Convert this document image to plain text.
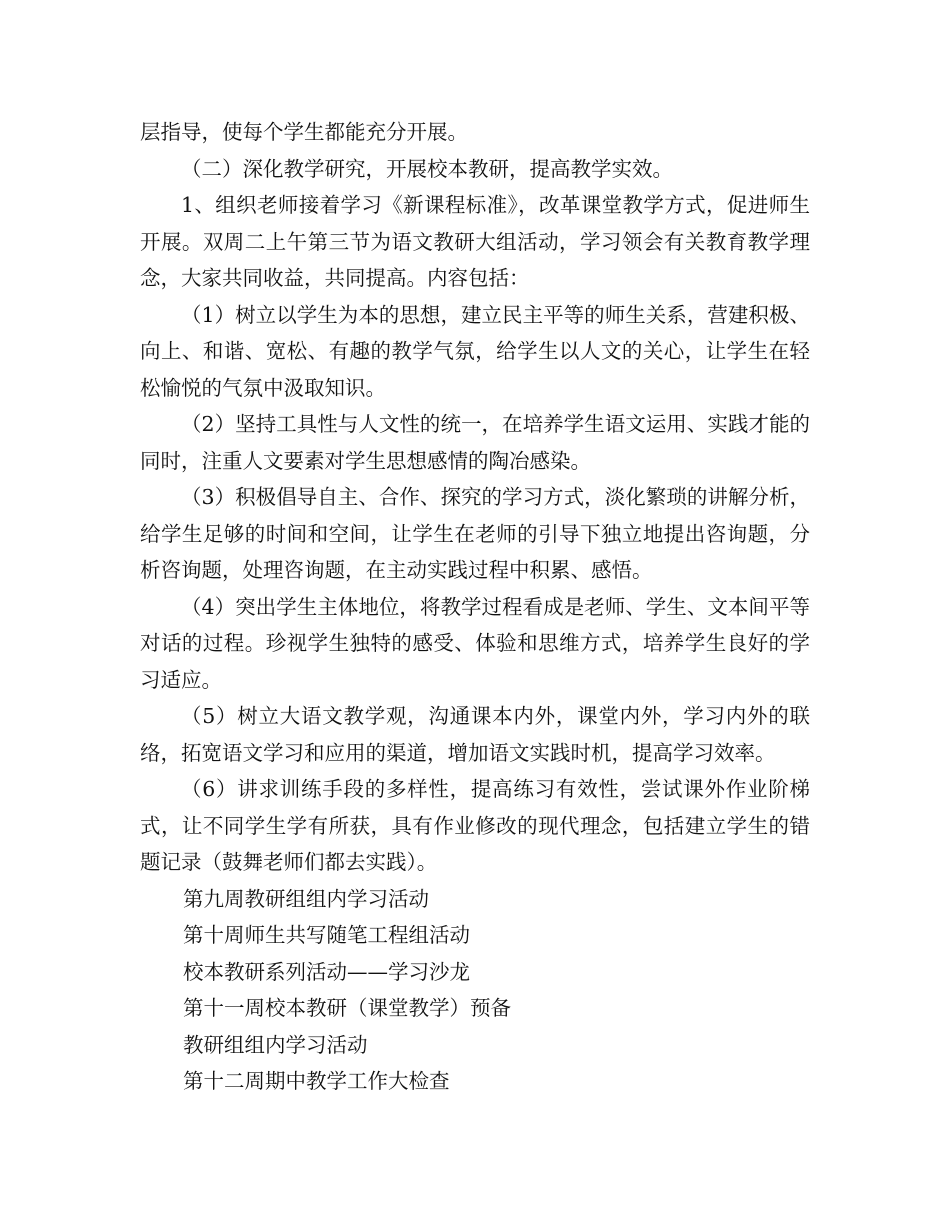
层指导，使每个学生都能充分开展。

（二）深化教学研究，开展校本教研，提高教学实效。

1、组织老师接着学习《新课程标准》，改革课堂教学方式，促进师生开展。双周二上午第三节为语文教研大组活动，学习领会有关教育教学理念，大家共同收益，共同提高。内容包括：

（1）树立以学生为本的思想，建立民主平等的师生关系，营建积极、向上、和谐、宽松、有趣的教学气氛，给学生以人文的关心，让学生在轻松愉悦的气氛中汲取知识。

（2）坚持工具性与人文性的统一，在培养学生语文运用、实践才能的同时，注重人文要素对学生思想感情的陶冶感染。

（3）积极倡导自主、合作、探究的学习方式，淡化繁琐的讲解分析，给学生足够的时间和空间，让学生在老师的引导下独立地提出咨询题，分析咨询题，处理咨询题，在主动实践过程中积累、感悟。

（4）突出学生主体地位，将教学过程看成是老师、学生、文本间平等对话的过程。珍视学生独特的感受、体验和思维方式，培养学生良好的学习适应。

（5）树立大语文教学观，沟通课本内外，课堂内外，学习内外的联络，拓宽语文学习和应用的渠道，增加语文实践时机，提高学习效率。

（6）讲求训练手段的多样性，提高练习有效性，尝试课外作业阶梯式，让不同学生学有所获，具有作业修改的现代理念，包括建立学生的错题记录（鼓舞老师们都去实践）。

第九周教研组组内学习活动

第十周师生共写随笔工程组活动

校本教研系列活动——学习沙龙

第十一周校本教研（课堂教学）预备

教研组组内学习活动

第十二周期中教学工作大检查
